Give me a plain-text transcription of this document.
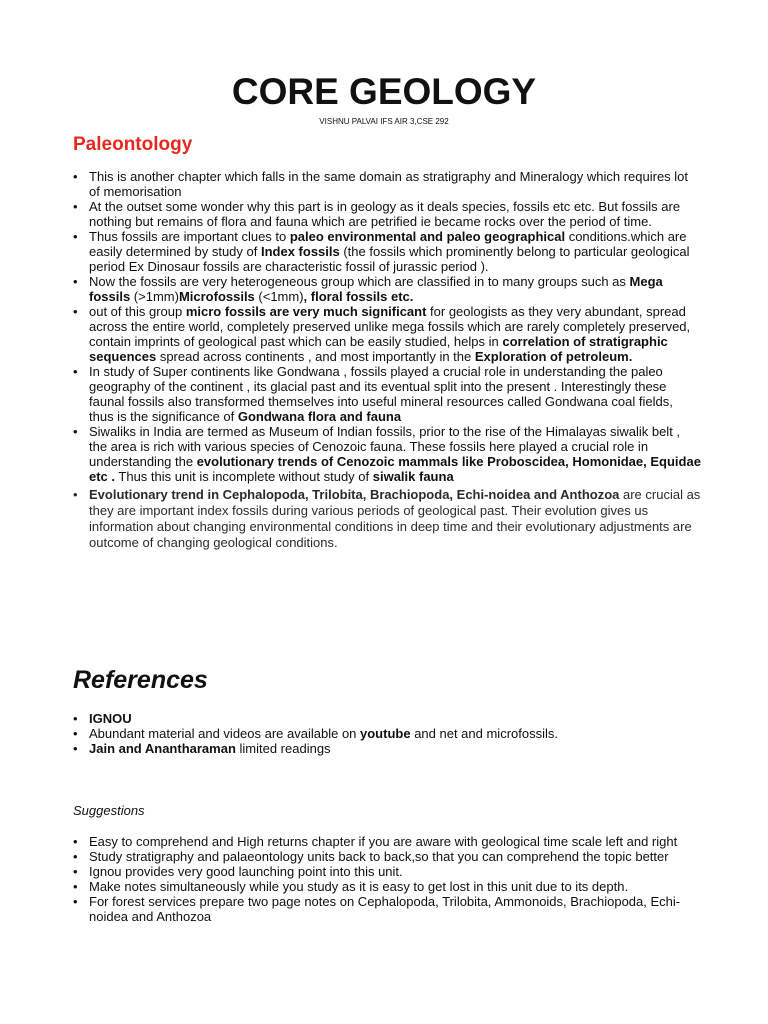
CORE GEOLOGY

VISHNU PALVAI IFS AIR 3,CSE 292

Paleontology
• This is another chapter which falls in the same domain as stratigraphy and Mineralogy which requires lot of memorisation
• At the outset some wonder why this part is in geology as it deals species, fossils etc etc. But fossils are nothing but remains of flora and fauna which are petrified ie became rocks over the period of time.
• Thus fossils are important clues to paleo environmental and paleo geographical conditions.which are easily determined by study of Index fossils (the fossils which prominently belong to particular geological period Ex Dinosaur fossils are characteristic fossil of jurassic period ).
• Now the fossils are very heterogeneous group which are classified in to many groups such as Mega fossils (>1mm)Microfossils (<1mm), floral fossils etc.
• out of this group micro fossils are very much significant for geologists as they very abundant, spread across the entire world, completely preserved unlike mega fossils which are rarely completely preserved, contain imprints of geological past which can be easily studied, helps in correlation of stratigraphic sequences spread across continents , and most importantly in the Exploration of petroleum.
• In study of Super continents like Gondwana , fossils played a crucial role in understanding the paleo geography of the continent , its glacial past and its eventual split into the present . Interestingly these faunal fossils also transformed themselves into useful mineral resources called Gondwana coal fields, thus is the significance of Gondwana flora and fauna
• Siwaliks in India are termed as Museum of Indian fossils, prior to the rise of the Himalayas siwalik belt , the area is rich with various species of Cenozoic fauna. These fossils here played a crucial role in understanding the evolutionary trends of Cenozoic mammals like Proboscidea, Homonidae, Equidae etc . Thus this unit is incomplete without study of siwalik fauna
• Evolutionary trend in Cephalopoda, Trilobita, Brachiopoda, Echi-noidea and Anthozoa are crucial as they are important index fossils during various periods of geological past. Their evolution gives us information about changing environmental conditions in deep time and their evolutionary adjustments are outcome of changing geological conditions.
References
• IGNOU
• Abundant material and videos are available on youtube and net and microfossils.
• Jain and Anantharaman limited readings

Suggestions

• Easy to comprehend and High returns chapter if you are aware with geological time scale left and right
• Study stratigraphy and palaeontology units back to back,so that you can comprehend the topic better
• Ignou provides very good launching point into this unit.
• Make notes simultaneously while you study as it is easy to get lost in this unit due to its depth.
• For forest services prepare two page notes on Cephalopoda, Trilobita, Ammonoids, Brachiopoda, Echi-noidea and Anthozoa
